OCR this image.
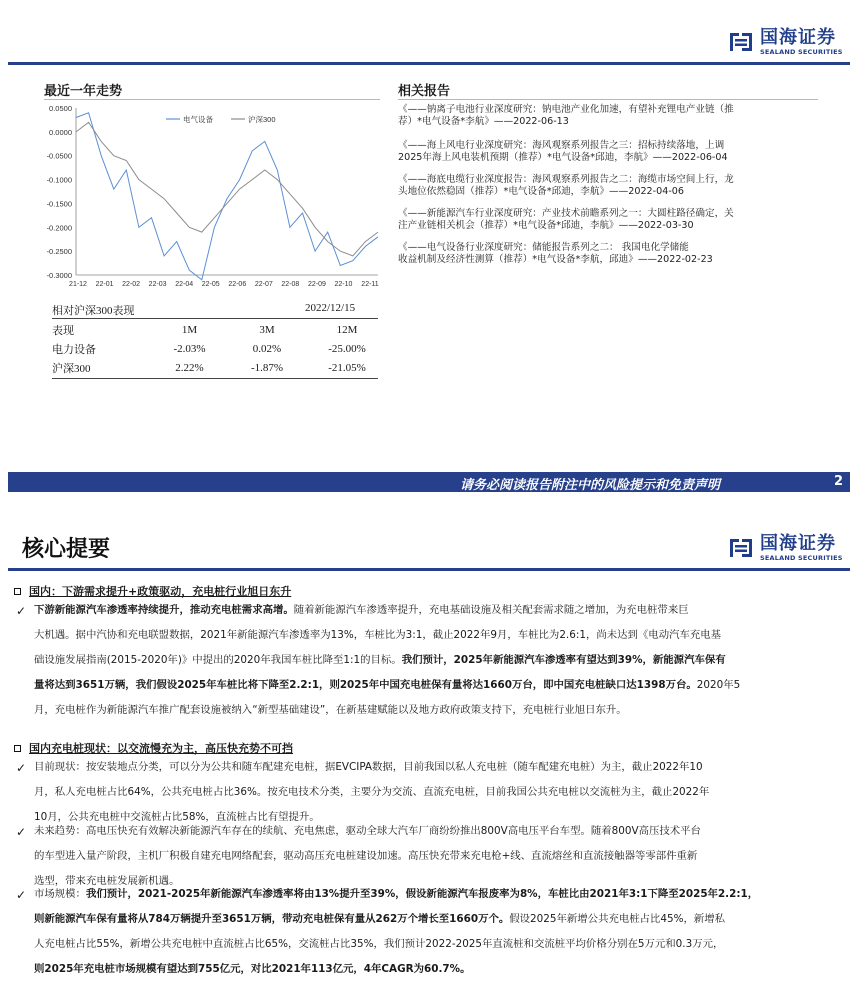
国海证券
SEALAND SECURITIES
最近一年走势
0.0500
0.0000
-0.0500
-0.1000
-0.1500
-0.2000
-0.2500
-0.3000
21-12 22-01 22-02 22-03 22-04 22-05 22-06 22-07 22-08 22-09 22-10 22-11
电气设备	沪深300
相对沪深300表现	2022/12/15
表现	1M	3M	12M
电力设备	-2.03%	0.02%	-25.00%
沪深300	2.22%	-1.87%	-21.05%
相关报告
《——钠离子电池行业深度研究：钠电池产业化加速，有望补充锂电产业链（推
荐）*电气设备*李航》——2022-06-13
《——海上风电行业深度研究：海风观察系列报告之三：招标持续落地，上调
2025年海上风电装机预期（推荐）*电气设备*邱迪，李航》——2022-06-04
《——海底电缆行业深度报告：海风观察系列报告之二：海缆市场空间上行，龙
头地位依然稳固（推荐）*电气设备*邱迪，李航》——2022-04-06
《——新能源汽车行业深度研究：产业技术前瞻系列之一：大圆柱路径确定，关
注产业链相关机会（推荐）*电气设备*邱迪，李航》——2022-03-30
《——电气设备行业深度研究：储能报告系列之二： 我国电化学储能
收益机制及经济性测算（推荐）*电气设备*李航，邱迪》——2022-02-23
请务必阅读报告附注中的风险提示和免责声明	2
核心提要	国海证券
SEALAND SECURITIES
国内：下游需求提升+政策驱动，充电桩行业旭日东升
下游新能源汽车渗透率持续提升，推动充电桩需求高增。随着新能源汽车渗透率提升，充电基础设施及相关配套需求随之增加，为充电桩带来巨
大机遇。据中汽协和充电联盟数据，2021年新能源汽车渗透率为13%，车桩比为3:1，截止2022年9月，车桩比为2.6:1，尚未达到《电动汽车充电基
础设施发展指南(2015-2020年)》中提出的2020年我国车桩比降至1:1的目标。我们预计，2025年新能源汽车渗透率有望达到39%，新能源汽车保有
量将达到3651万辆，我们假设2025年车桩比将下降至2.2:1，则2025年中国充电桩保有量将达1660万台，即中国充电桩缺口达1398万台。2020年5
月，充电桩作为新能源汽车推广配套设施被纳入“新型基础建设”，在新基建赋能以及地方政府政策支持下，充电桩行业旭日东升。
✓
国内充电桩现状：以交流慢充为主，高压快充势不可挡
目前现状：按安装地点分类，可以分为公共和随车配建充电桩，据EVCIPA数据，目前我国以私人充电桩（随车配建充电桩）为主，截止2022年10
月，私人充电桩占比64%，公共充电桩占比36%。按充电技术分类，主要分为交流、直流充电桩，目前我国公共充电桩以交流桩为主，截止2022年
10月，公共充电桩中交流桩占比58%，直流桩占比有望提升。
✓
未来趋势：高电压快充有效解决新能源汽车存在的续航、充电焦虑，驱动全球大汽车厂商纷纷推出800V高电压平台车型。随着800V高压技术平台
的车型进入量产阶段，主机厂积极自建充电网络配套，驱动高压充电桩建设加速。高压快充带来充电枪+线、直流熔丝和直流接触器等零部件重新
选型，带来充电桩发展新机遇。
✓
市场规模：我们预计，2021-2025年新能源汽车渗透率将由13%提升至39%，假设新能源汽车报废率为8%，车桩比由2021年3:1下降至2025年2.2:1，
则新能源汽车保有量将从784万辆提升至3651万辆，带动充电桩保有量从262万个增长至1660万个。假设2025年新增公共充电桩占比45%，新增私
人充电桩占比55%，新增公共充电桩中直流桩占比65%，交流桩占比35%，我们预计2022-2025年直流桩和交流桩平均价格分别在5万元和0.3万元，
则2025年充电桩市场规模有望达到755亿元，对比2021年113亿元，4年CAGR为60.7%。
✓
